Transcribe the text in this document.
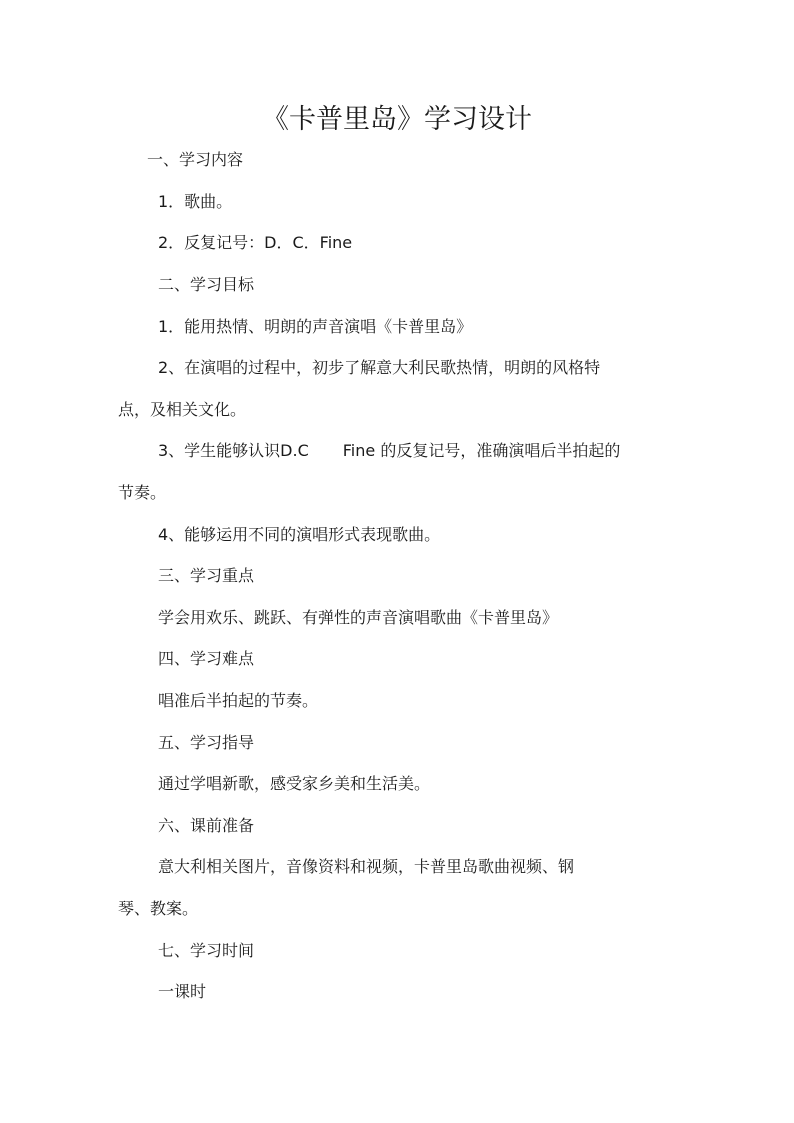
《卡普里岛》学习设计
一、学习内容
1．歌曲。
2．反复记号：D．C．Fine
二、学习目标
1．能用热情、明朗的声音演唱《卡普里岛》
2、在演唱的过程中，初步了解意大利民歌热情，明朗的风格特
点，及相关文化。
3、学生能够认识D.C Fine 的反复记号，准确演唱后半拍起的
节奏。
4、能够运用不同的演唱形式表现歌曲。
三、学习重点
学会用欢乐、跳跃、有弹性的声音演唱歌曲《卡普里岛》
四、学习难点
唱准后半拍起的节奏。
五、学习指导
通过学唱新歌，感受家乡美和生活美。
六、课前准备
意大利相关图片，音像资料和视频，卡普里岛歌曲视频、钢
琴、教案。
七、学习时间
一课时
